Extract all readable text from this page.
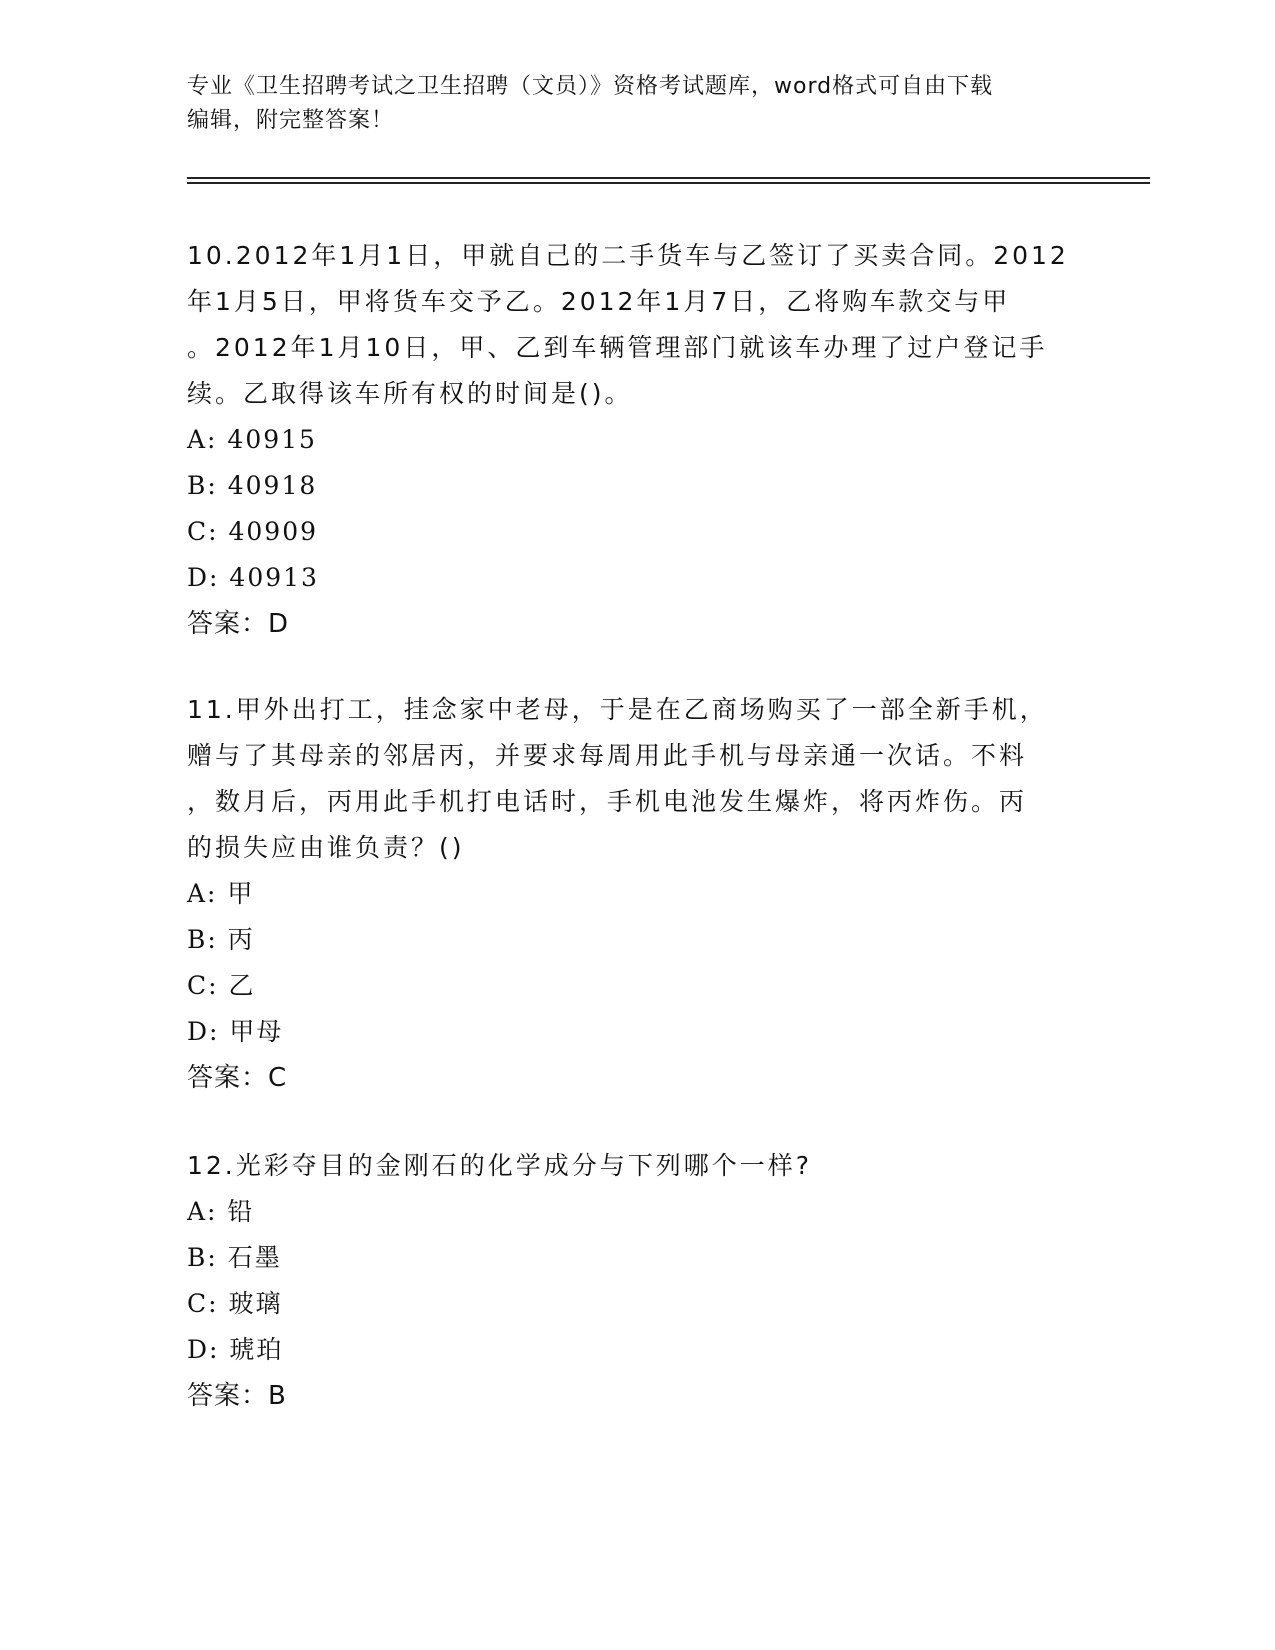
专业《卫生招聘考试之卫生招聘（文员）》资格考试题库，word格式可自由下载
编辑，附完整答案！

10.2012年1月1日，甲就自己的二手货车与乙签订了买卖合同。2012

年1月5日，甲将货车交予乙。2012年1月7日，乙将购车款交与甲

。2012年1月10日，甲、乙到车辆管理部门就该车办理了过户登记手

续。乙取得该车所有权的时间是()。

A: 40915

B: 40918

C: 40909

D: 40913

答案：D

11.甲外出打工，挂念家中老母，于是在乙商场购买了一部全新手机，

赠与了其母亲的邻居丙，并要求每周用此手机与母亲通一次话。不料

，数月后，丙用此手机打电话时，手机电池发生爆炸，将丙炸伤。丙

的损失应由谁负责？()

A: 甲

B: 丙

C: 乙

D: 甲母

答案：C

12.光彩夺目的金刚石的化学成分与下列哪个一样?

A: 铅

B: 石墨

C: 玻璃

D: 琥珀

答案：B
